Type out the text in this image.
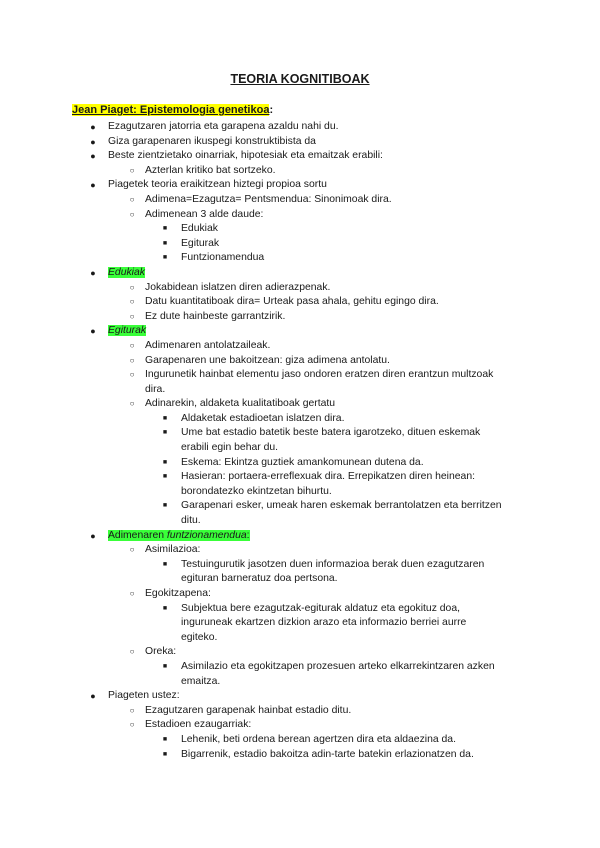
TEORIA KOGNITIBOAK

Jean Piaget: Epistemologia genetikoa:

● Ezagutzaren jatorria eta garapena azaldu nahi du.
● Giza garapenaren ikuspegi konstruktibista da
● Beste zientzietako oinarriak, hipotesiak eta emaitzak erabili:
○ Azterlan kritiko bat sortzeko.
● Piagetek teoria eraikitzean hiztegi propioa sortu
○ Adimena=Ezagutza= Pentsmendua: Sinonimoak dira.
○ Adimenean 3 alde daude:
■ Edukiak
■ Egiturak
■ Funtzionamendua
● Edukiak
○ Jokabidean islatzen diren adierazpenak.
○ Datu kuantitatiboak dira= Urteak pasa ahala, gehitu egingo dira.
○ Ez dute hainbeste garrantzirik.
● Egiturak
○ Adimenaren antolatzaileak.
○ Garapenaren une bakoitzean: giza adimena antolatu.
○ Ingurunetik hainbat elementu jaso ondoren eratzen diren erantzun multzoak
dira.
○ Adinarekin, aldaketa kualitatiboak gertatu
■ Aldaketak estadioetan islatzen dira.
■ Ume bat estadio batetik beste batera igarotzeko, dituen eskemak
erabili egin behar du.
■ Eskema: Ekintza guztiek amankomunean dutena da.
■ Hasieran: portaera-erreflexuak dira. Errepikatzen diren heinean:
borondatezko ekintzetan bihurtu.
■ Garapenari esker, umeak haren eskemak berrantolatzen eta berritzen
ditu.
● Adimenaren funtzionamendua:
○ Asimilazioa:
■ Testuingurutik jasotzen duen informazioa berak duen ezagutzaren
egituran barneratuz doa pertsona.
○ Egokitzapena:
■ Subjektua bere ezagutzak-egiturak aldatuz eta egokituz doa,
inguruneak ekartzen dizkion arazo eta informazio berriei aurre
egiteko.
○ Oreka:
■ Asimilazio eta egokitzapen prozesuen arteko elkarrekintzaren azken
emaitza.
● Piageten ustez:
○ Ezagutzaren garapenak hainbat estadio ditu.
○ Estadioen ezaugarriak:
■ Lehenik, beti ordena berean agertzen dira eta aldaezina da.
■ Bigarrenik, estadio bakoitza adin-tarte batekin erlazionatzen da.
